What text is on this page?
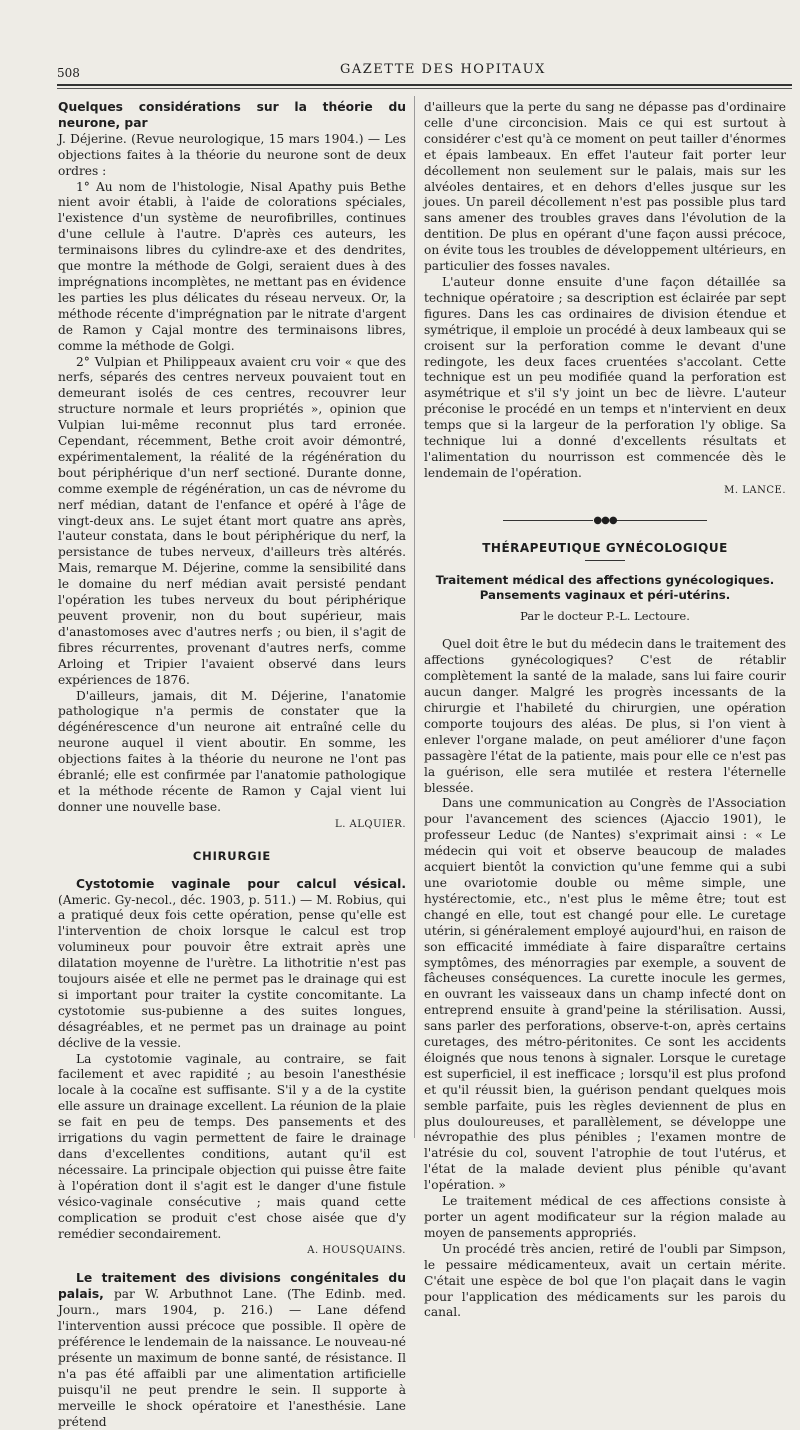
508	GAZETTE DES HOPITAUX

Quelques considérations sur la théorie du neurone, par

J. Déjerine. (Revue neurologique, 15 mars 1904.) — Les objections faites à la théorie du neurone sont de deux ordres :

1° Au nom de l'histologie, Nisal Apathy puis Bethe nient avoir établi, à l'aide de colorations spéciales, l'existence d'un système de neurofibrilles, continues d'une cellule à l'autre. D'après ces auteurs, les terminaisons libres du cylindre-axe et des dendrites, que montre la méthode de Golgi, seraient dues à des imprégnations incomplètes, ne mettant pas en évidence les parties les plus délicates du réseau nerveux. Or, la méthode récente d'imprégnation par le nitrate d'argent de Ramon y Cajal montre des terminaisons libres, comme la méthode de Golgi.

2° Vulpian et Philippeaux avaient cru voir « que des nerfs, séparés des centres nerveux pouvaient tout en demeurant isolés de ces centres, recouvrer leur structure normale et leurs propriétés », opinion que Vulpian lui-même reconnut plus tard erronée. Cependant, récemment, Bethe croit avoir démontré, expérimentalement, la réalité de la régénération du bout périphérique d'un nerf sectioné. Durante donne, comme exemple de régénération, un cas de névrome du nerf médian, datant de l'enfance et opéré à l'âge de vingt-deux ans. Le sujet étant mort quatre ans après, l'auteur constata, dans le bout périphérique du nerf, la persistance de tubes nerveux, d'ailleurs très altérés. Mais, remarque M. Déjerine, comme la sensibilité dans le domaine du nerf médian avait persisté pendant l'opération les tubes nerveux du bout périphérique peuvent provenir, non du bout supérieur, mais d'anastomoses avec d'autres nerfs ; ou bien, il s'agit de fibres récurrentes, provenant d'autres nerfs, comme Arloing et Tripier l'avaient observé dans leurs expériences de 1876.

D'ailleurs, jamais, dit M. Déjerine, l'anatomie pathologique n'a permis de constater que la dégénérescence d'un neurone ait entraîné celle du neurone auquel il vient aboutir. En somme, les objections faites à la théorie du neurone ne l'ont pas ébranlé; elle est confirmée par l'anatomie pathologique et la méthode récente de Ramon y Cajal vient lui donner une nouvelle base.

L. ALQUIER.
CHIRURGIE

Cystotomie vaginale pour calcul vésical. (Americ. Gy-necol., déc. 1903, p. 511.) — M. Robius, qui a pratiqué deux fois cette opération, pense qu'elle est l'intervention de choix lorsque le calcul est trop volumineux pour pouvoir être extrait après une dilatation moyenne de l'urètre. La lithotritie n'est pas toujours aisée et elle ne permet pas le drainage qui est si important pour traiter la cystite concomitante. La cystotomie sus-pubienne a des suites longues, désagréables, et ne permet pas un drainage au point déclive de la vessie.

La cystotomie vaginale, au contraire, se fait facilement et avec rapidité ; au besoin l'anesthésie locale à la cocaïne est suffisante. S'il y a de la cystite elle assure un drainage excellent. La réunion de la plaie se fait en peu de temps. Des pansements et des irrigations du vagin permettent de faire le drainage dans d'excellentes conditions, autant qu'il est nécessaire. La principale objection qui puisse être faite à l'opération dont il s'agit est le danger d'une fistule vésico-vaginale consécutive ; mais quand cette complication se produit c'est chose aisée que d'y remédier secondairement.

A. HOUSQUAINS.

Le traitement des divisions congénitales du palais, par W. Arbuthnot Lane. (The Edinb. med. Journ., mars 1904, p. 216.) — Lane défend l'intervention aussi précoce que possible. Il opère de préférence le lendemain de la naissance. Le nouveau-né présente un maximum de bonne santé, de résistance. Il n'a pas été affaibli par une alimentation artificielle puisqu'il ne peut prendre le sein. Il supporte à merveille le shock opératoire et l'anesthésie. Lane prétend

d'ailleurs que la perte du sang ne dépasse pas d'ordinaire celle d'une circoncision. Mais ce qui est surtout à considérer c'est qu'à ce moment on peut tailler d'énormes et épais lambeaux. En effet l'auteur fait porter leur décollement non seulement sur le palais, mais sur les alvéoles dentaires, et en dehors d'elles jusque sur les joues. Un pareil décollement n'est pas possible plus tard sans amener des troubles graves dans l'évolution de la dentition. De plus en opérant d'une façon aussi précoce, on évite tous les troubles de développement ultérieurs, en particulier des fosses navales.

L'auteur donne ensuite d'une façon détaillée sa technique opératoire ; sa description est éclairée par sept figures. Dans les cas ordinaires de division étendue et symétrique, il emploie un procédé à deux lambeaux qui se croisent sur la perforation comme le devant d'une redingote, les deux faces cruentées s'accolant. Cette technique est un peu modifiée quand la perforation est asymétrique et s'il s'y joint un bec de lièvre. L'auteur préconise le procédé en un temps et n'intervient en deux temps que si la largeur de la perforation l'y oblige. Sa technique lui a donné d'excellents résultats et l'alimentation du nourrisson est commencée dès le lendemain de l'opération.

M. LANCE.
●●●
THÉRAPEUTIQUE GYNÉCOLOGIQUE
Traitement médical des affections gynécologiques. Pansements vaginaux et péri-utérins.
Par le docteur P.-L. Lectoure.

Quel doit être le but du médecin dans le traitement des affections gynécologiques? C'est de rétablir complètement la santé de la malade, sans lui faire courir aucun danger. Malgré les progrès incessants de la chirurgie et l'habileté du chirurgien, une opération comporte toujours des aléas. De plus, si l'on vient à enlever l'organe malade, on peut améliorer d'une façon passagère l'état de la patiente, mais pour elle ce n'est pas la guérison, elle sera mutilée et restera l'éternelle blessée.

Dans une communication au Congrès de l'Association pour l'avancement des sciences (Ajaccio 1901), le professeur Leduc (de Nantes) s'exprimait ainsi : « Le médecin qui voit et observe beaucoup de malades acquiert bientôt la conviction qu'une femme qui a subi une ovariotomie double ou même simple, une hystérectomie, etc., n'est plus le même être; tout est changé en elle, tout est changé pour elle. Le curetage utérin, si généralement employé aujourd'hui, en raison de son efficacité immédiate à faire disparaître certains symptômes, des ménorragies par exemple, a souvent de fâcheuses conséquences. La curette inocule les germes, en ouvrant les vaisseaux dans un champ infecté dont on entreprend ensuite à grand'peine la stérilisation. Aussi, sans parler des perforations, observe-t-on, après certains curetages, des métro-péritonites. Ce sont les accidents éloignés que nous tenons à signaler. Lorsque le curetage est superficiel, il est inefficace ; lorsqu'il est plus profond et qu'il réussit bien, la guérison pendant quelques mois semble parfaite, puis les règles deviennent de plus en plus douloureuses, et parallèlement, se développe une névropathie des plus pénibles ; l'examen montre de l'atrésie du col, souvent l'atrophie de tout l'utérus, et l'état de la malade devient plus pénible qu'avant l'opération. »

Le traitement médical de ces affections consiste à porter un agent modificateur sur la région malade au moyen de pansements appropriés.

Un procédé très ancien, retiré de l'oubli par Simpson, le pessaire médicamenteux, avait un certain mérite. C'était une espèce de bol que l'on plaçait dans le vagin pour l'application des médicaments sur les parois du canal.
